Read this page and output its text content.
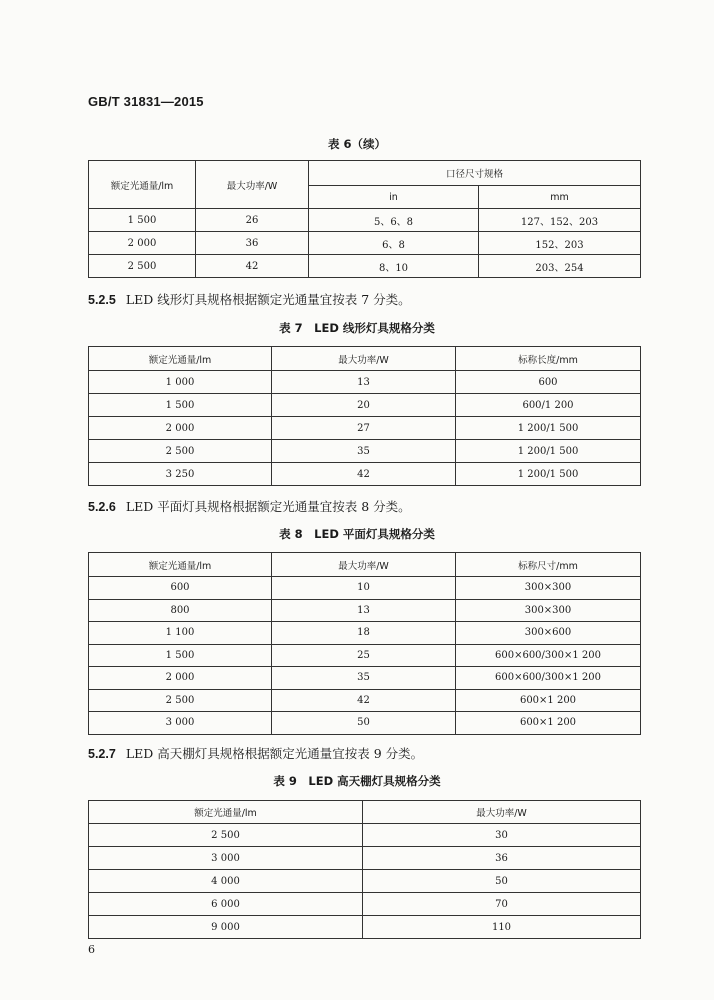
GB/T 31831—2015
表 6（续）
额定光通量/lm	最大功率/W	口径尺寸规格	
		in	mm
1 500	26	5、6、8	127、152、203
2 000	36	6、8	152、203
2 500	42	8、10	203、254
5.2.5 LED 线形灯具规格根据额定光通量宜按表 7 分类。
表 7　LED 线形灯具规格分类
额定光通量/lm	最大功率/W	标称长度/mm
1 000	13	600
1 500	20	600/1 200
2 000	27	1 200/1 500
2 500	35	1 200/1 500
3 250	42	1 200/1 500
5.2.6 LED 平面灯具规格根据额定光通量宜按表 8 分类。
表 8　LED 平面灯具规格分类
额定光通量/lm	最大功率/W	标称尺寸/mm
600	10	300×300
800	13	300×300
1 100	18	300×600
1 500	25	600×600/300×1 200
2 000	35	600×600/300×1 200
2 500	42	600×1 200
3 000	50	600×1 200
5.2.7 LED 高天棚灯具规格根据额定光通量宜按表 9 分类。
表 9　LED 高天棚灯具规格分类
额定光通量/lm	最大功率/W
2 500	30
3 000	36
4 000	50
6 000	70
9 000	110
6
